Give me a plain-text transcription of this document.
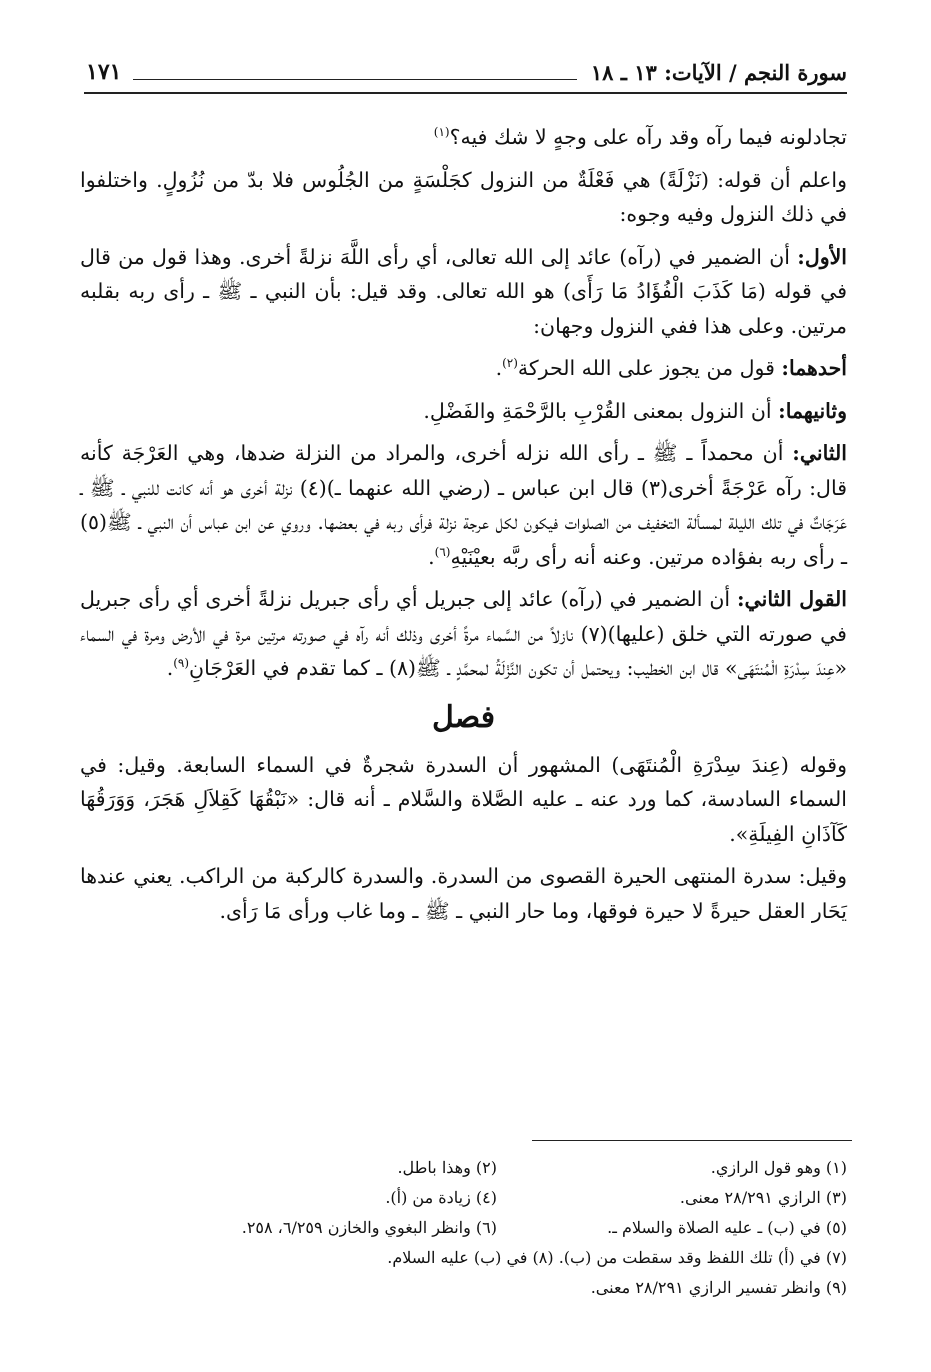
سورة النجم / الآيات: ١٣ ـ ١٨
١٧١

تجادلونه فيما رآه وقد رآه على وجهٍ لا شك فيه؟$^{(١)}$

واعلم أن قوله: (نَزْلَةً) هي فَعْلَةٌ من النزول كجَلْسَةٍ من الجُلُوس فلا بدّ من نُزُولٍ. واختلفوا في ذلك النزول وفيه وجوه:

الأول: أن الضمير في (رآه) عائد إلى الله تعالى، أي رأى اللَّهَ نزلةً أخرى. وهذا قول من قال في قوله (مَا كَذَبَ الْفُؤَادُ مَا رَأَى) هو الله تعالى. وقد قيل: بأن النبي ـ ﷺ ـ رأى ربه بقلبه مرتين. وعلى هذا ففي النزول وجهان:

أحدهما: قول من يجوز على الله الحركة$^{(٢)}$.

وثانيهما: أن النزول بمعنى القُرْبِ بالرَّحْمَةِ والفَضْلِ.

الثاني: أن محمداً ـ ﷺ ـ رأى الله نزله أخرى، والمراد من النزلة ضدها، وهي العَرْجَة كأنه قال: رآه عَرْجَةً أخرى(٣) قال ابن عباس ـ (رضي الله عنهما ـ)(٤) نزلة أخرى هو أنه كانت للنبي ـ ﷺ ـ عَرَجَاتٌ في تلك الليلة لمسألة التخفيف من الصلوات فيكون لكل عرجة نزلة فرأى ربه في بعضها. وروي عن ابن عباس أن النبي ـ ﷺ(٥) ـ رأى ربه بفؤاده مرتين. وعنه أنه رأى ربَّه بعيْنَيْهِ$^{(٦)}$.

القول الثاني: أن الضمير في (رآه) عائد إلى جبريل أي رأى جبريل نزلةً أخرى أي رأى جبريل في صورته التي خلق (عليها)(٧) نازلاً من السَّماء مرةً أخرى وذلك أنه رآه في صورته مرتين مرة في الأرض ومرة في السماء «عِندَ سِدْرَةِ الْمُنتَهَى» قال ابن الخطيب: ويحتمل أن تكون النَّزْلَةُ لمحمَّدٍ ـ ﷺ(٨) ـ كما تقدم في العَرْجَانِ$^{(٩)}$.

فصل

وقوله (عِندَ سِدْرَةِ الْمُنتَهَى) المشهور أن السدرة شجرةٌ في السماء السابعة. وقيل: في السماء السادسة، كما ورد عنه ـ عليه الصَّلاة والسَّلام ـ أنه قال: «نَبْقُهَا كَقِلاَلِ هَجَرَ، وَوَرَقُهَا كَآذَانِ الفِيلَةِ».

وقيل: سدرة المنتهى الحيرة القصوى من السدرة. والسدرة كالركبة من الراكب. يعني عندها يَحَار العقل حيرةً لا حيرة فوقها، وما حار النبي ـ ﷺ ـ وما غاب ورأى مَا رَأى.

(١) وهو قول الرازي.
(٢) وهذا باطل.
(٣) الرازي ٢٨/٢٩١ معنى.
(٤) زيادة من (أ).
(٥) في (ب) ـ عليه الصلاة والسلام ـ.
(٦) وانظر البغوي والخازن ٦/٢٥٩، ٢٥٨.
(٧) في (أ) تلك اللفظ وقد سقطت من (ب). (٨) في (ب) عليه السلام.
(٩) وانظر تفسير الرازي ٢٨/٢٩١ معنى.
